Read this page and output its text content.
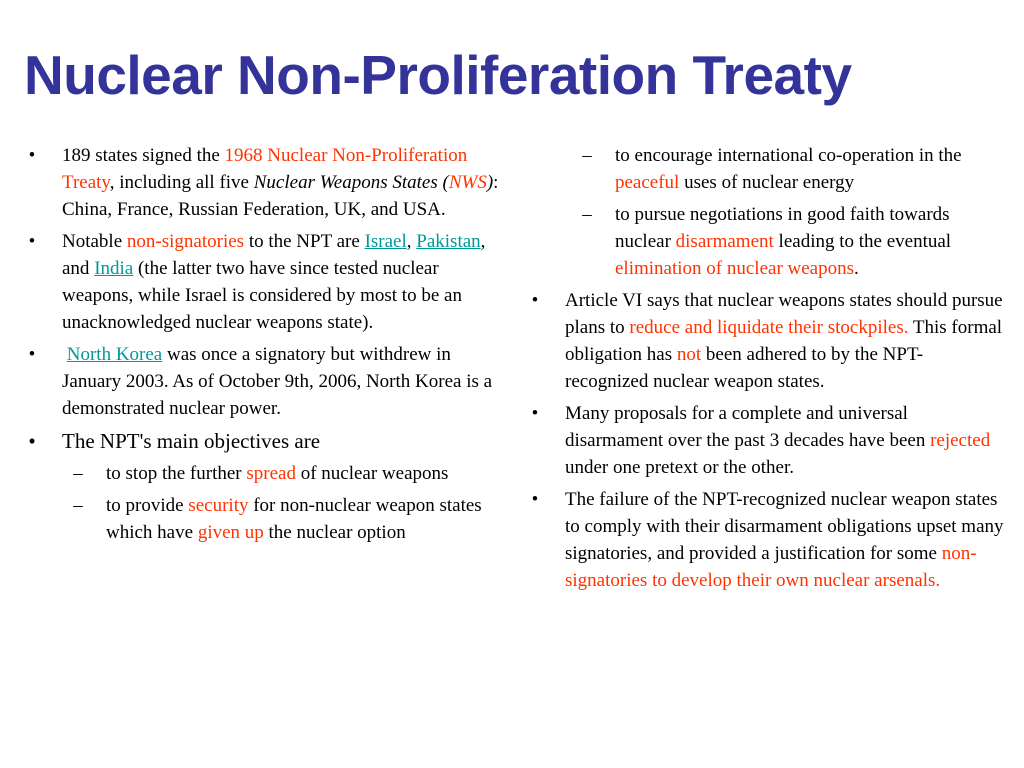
Nuclear Non-Proliferation Treaty
•	189 states signed the 1968 Nuclear Non-Proliferation Treaty, including all five Nuclear Weapons States (NWS): China, France, Russian Federation, UK, and USA.
•	Notable non-signatories to the NPT are Israel, Pakistan, and India (the latter two have since tested nuclear weapons, while Israel is considered by most to be an unacknowledged nuclear weapons state).
•	North Korea was once a signatory but withdrew in January 2003. As of October 9th, 2006, North Korea is a demonstrated nuclear power.
•	The NPT's main objectives are
– to stop the further spread of nuclear weapons
– to provide security for non-nuclear weapon states which have given up the nuclear option
– to encourage international co-operation in the peaceful uses of nuclear energy
– to pursue negotiations in good faith towards nuclear disarmament leading to the eventual elimination of nuclear weapons.
•	Article VI says that nuclear weapons states should pursue plans to reduce and liquidate their stockpiles. This formal obligation has not been adhered to by the NPT-recognized nuclear weapon states.
•	Many proposals for a complete and universal disarmament over the past 3 decades have been rejected under one pretext or the other.
•	The failure of the NPT-recognized nuclear weapon states to comply with their disarmament obligations upset many signatories, and provided a justification for some non-signatories to develop their own nuclear arsenals.
